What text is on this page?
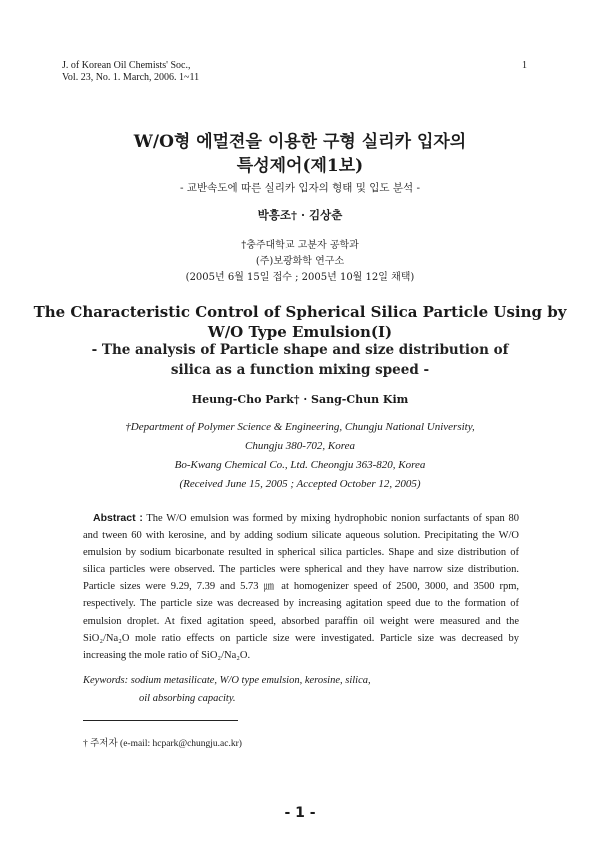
J. of Korean Oil Chemists' Soc.,
Vol. 23, No. 1. March, 2006. 1~11
1
W/O형 에멀젼을 이용한 구형 실리카 입자의
특성제어(제1보)
- 교반속도에 따른 실리카 입자의 형태 및 입도 분석 -
박흥조† · 김상춘
†충주대학교 고분자 공학과
(주)보광화학 연구소
(2005년 6월 15일 접수 ; 2005년 10월 12일 채택)
The Characteristic Control of Spherical Silica Particle Using by
W/O Type Emulsion(I)
- The analysis of Particle shape and size distribution of
silica as a function mixing speed -
Heung-Cho Park† · Sang-Chun Kim
†Department of Polymer Science & Engineering, Chungju National University,
Chungju 380-702, Korea
Bo-Kwang Chemical Co., Ltd. Cheongju 363-820, Korea
(Received June 15, 2005 ; Accepted October 12, 2005)
Abstract : The W/O emulsion was formed by mixing hydrophobic nonion surfactants of span 80 and tween 60 with kerosine, and by adding sodium silicate aqueous solution. Precipitating the W/O emulsion by sodium bicarbonate resulted in spherical silica particles. Shape and size distribution of silica particles were observed. The particles were spherical and they have narrow size distribution. Particle sizes were 9.29, 7.39 and 5.73 ㎛ at homogenizer speed of 2500, 3000, and 3500 rpm, respectively. The particle size was decreased by increasing agitation speed due to the formation of emulsion droplet. At fixed agitation speed, absorbed paraffin oil weight were measured and the SiO₂/Na₂O mole ratio effects on particle size were investigated. Particle size was decreased by increasing the mole ratio of SiO₂/Na₂O.
Keywords: sodium metasilicate, W/O type emulsion, kerosine, silica,
oil absorbing capacity.
† 주저자 (e-mail: hcpark@chungju.ac.kr)
- 1 -
